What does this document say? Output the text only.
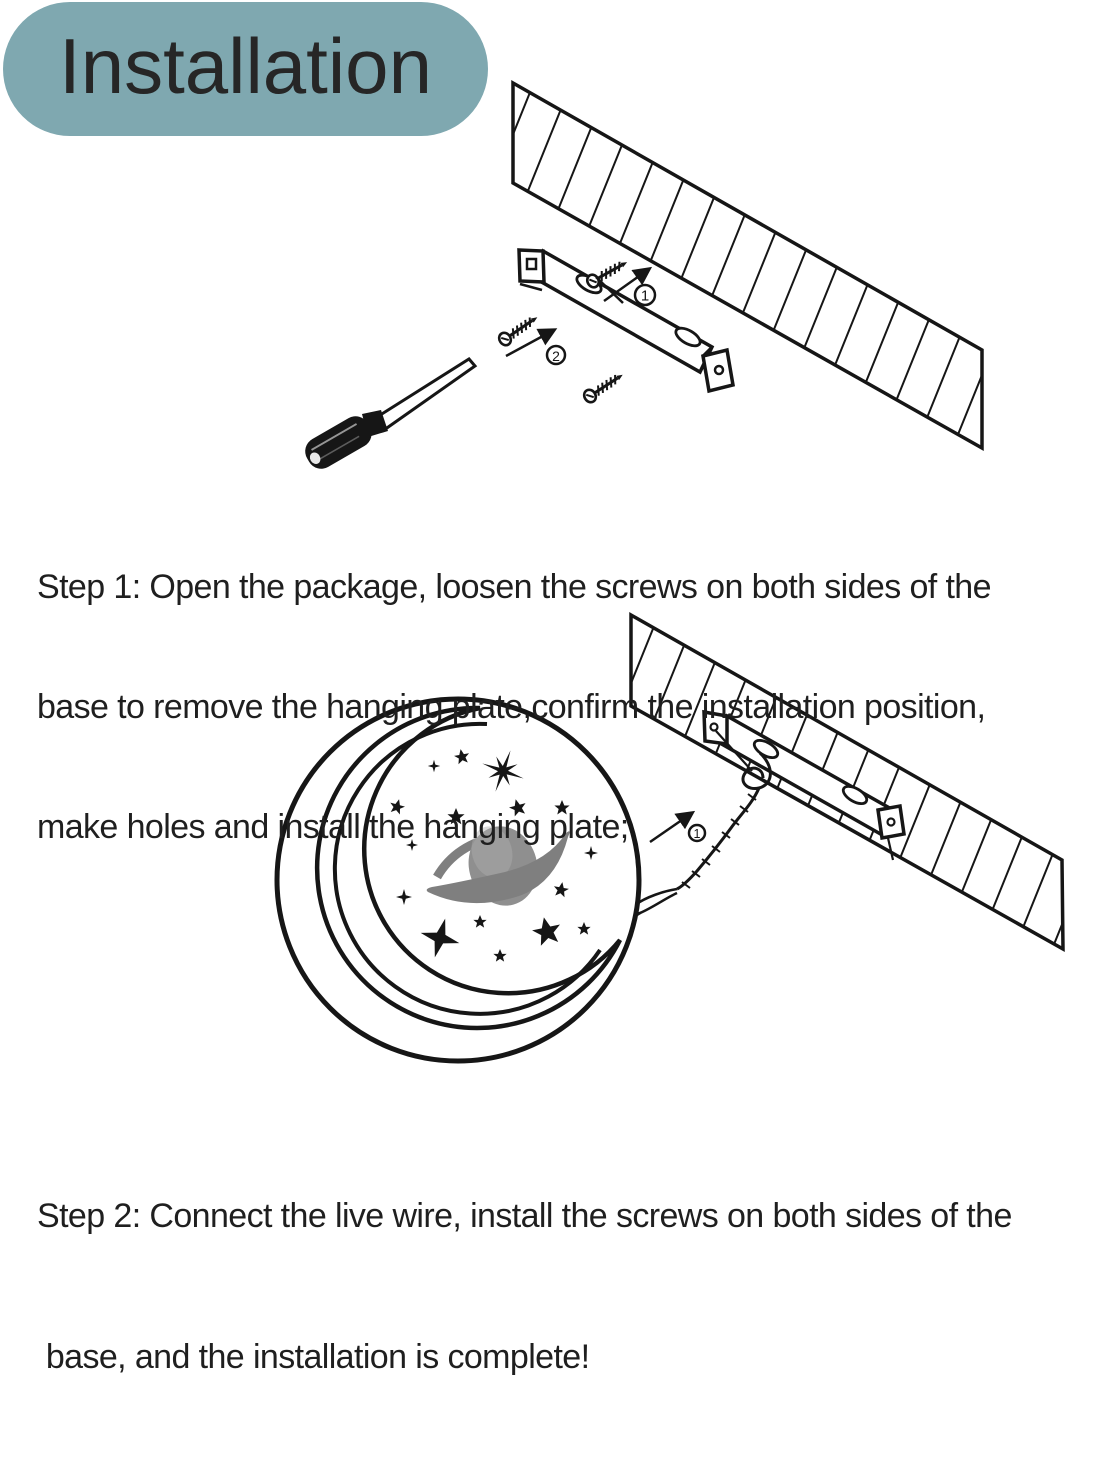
1
2
1
Installation

Step 1: Open the package, loosen the screws on both sides of the

base to remove the hanging plate,confirm the installation position,

make holes and install the hanging plate;

Step 2: Connect the live wire, install the screws on both sides of the

base, and the installation is complete!
